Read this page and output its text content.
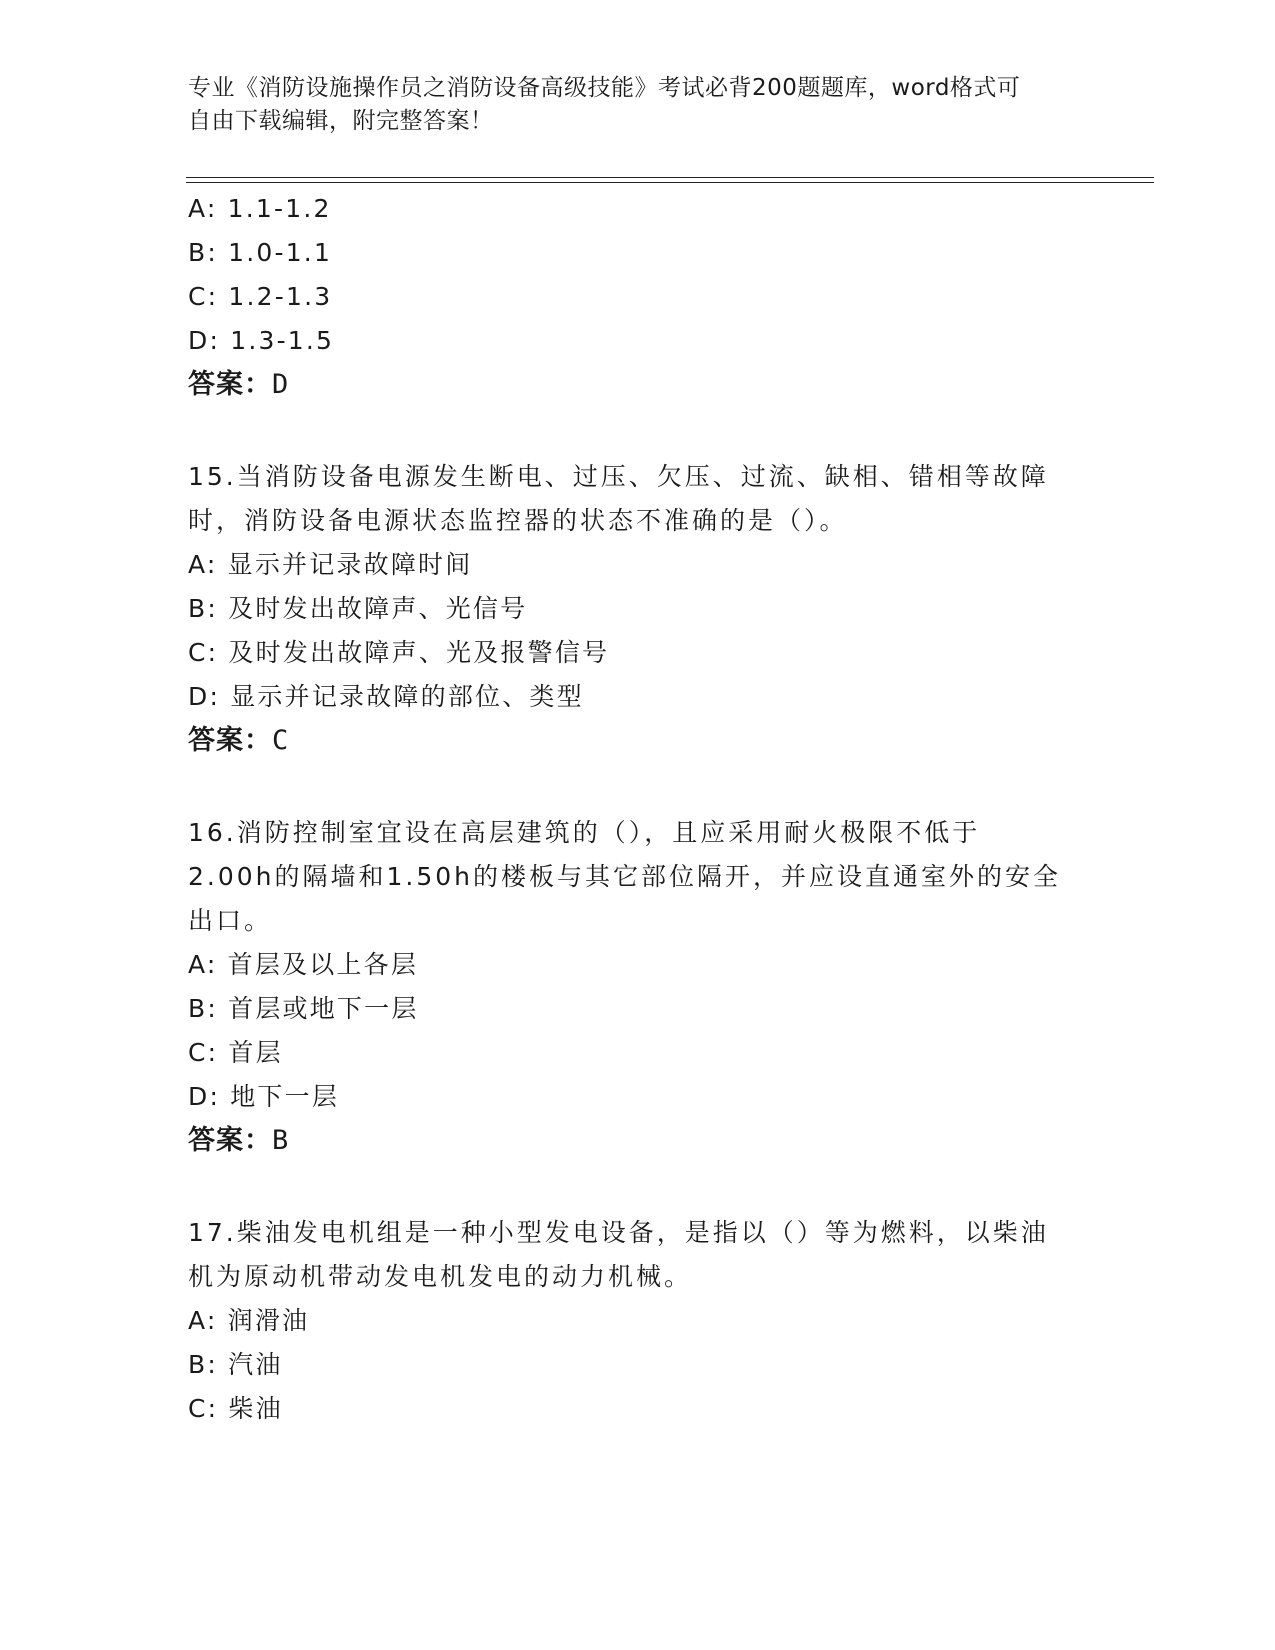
专业《消防设施操作员之消防设备高级技能》考试必背200题题库，word格式可
自由下载编辑，附完整答案！
A: 1.1-1.2
B: 1.0-1.1
C: 1.2-1.3
D: 1.3-1.5
答案：D
15.当消防设备电源发生断电、过压、欠压、过流、缺相、错相等故障
时，消防设备电源状态监控器的状态不准确的是（）。
A: 显示并记录故障时间
B: 及时发出故障声、光信号
C: 及时发出故障声、光及报警信号
D: 显示并记录故障的部位、类型
答案：C
16.消防控制室宜设在高层建筑的（），且应采用耐火极限不低于
2.00h的隔墙和1.50h的楼板与其它部位隔开，并应设直通室外的安全
出口。
A: 首层及以上各层
B: 首层或地下一层
C: 首层
D: 地下一层
答案：B
17.柴油发电机组是一种小型发电设备，是指以（）等为燃料，以柴油
机为原动机带动发电机发电的动力机械。
A: 润滑油
B: 汽油
C: 柴油
